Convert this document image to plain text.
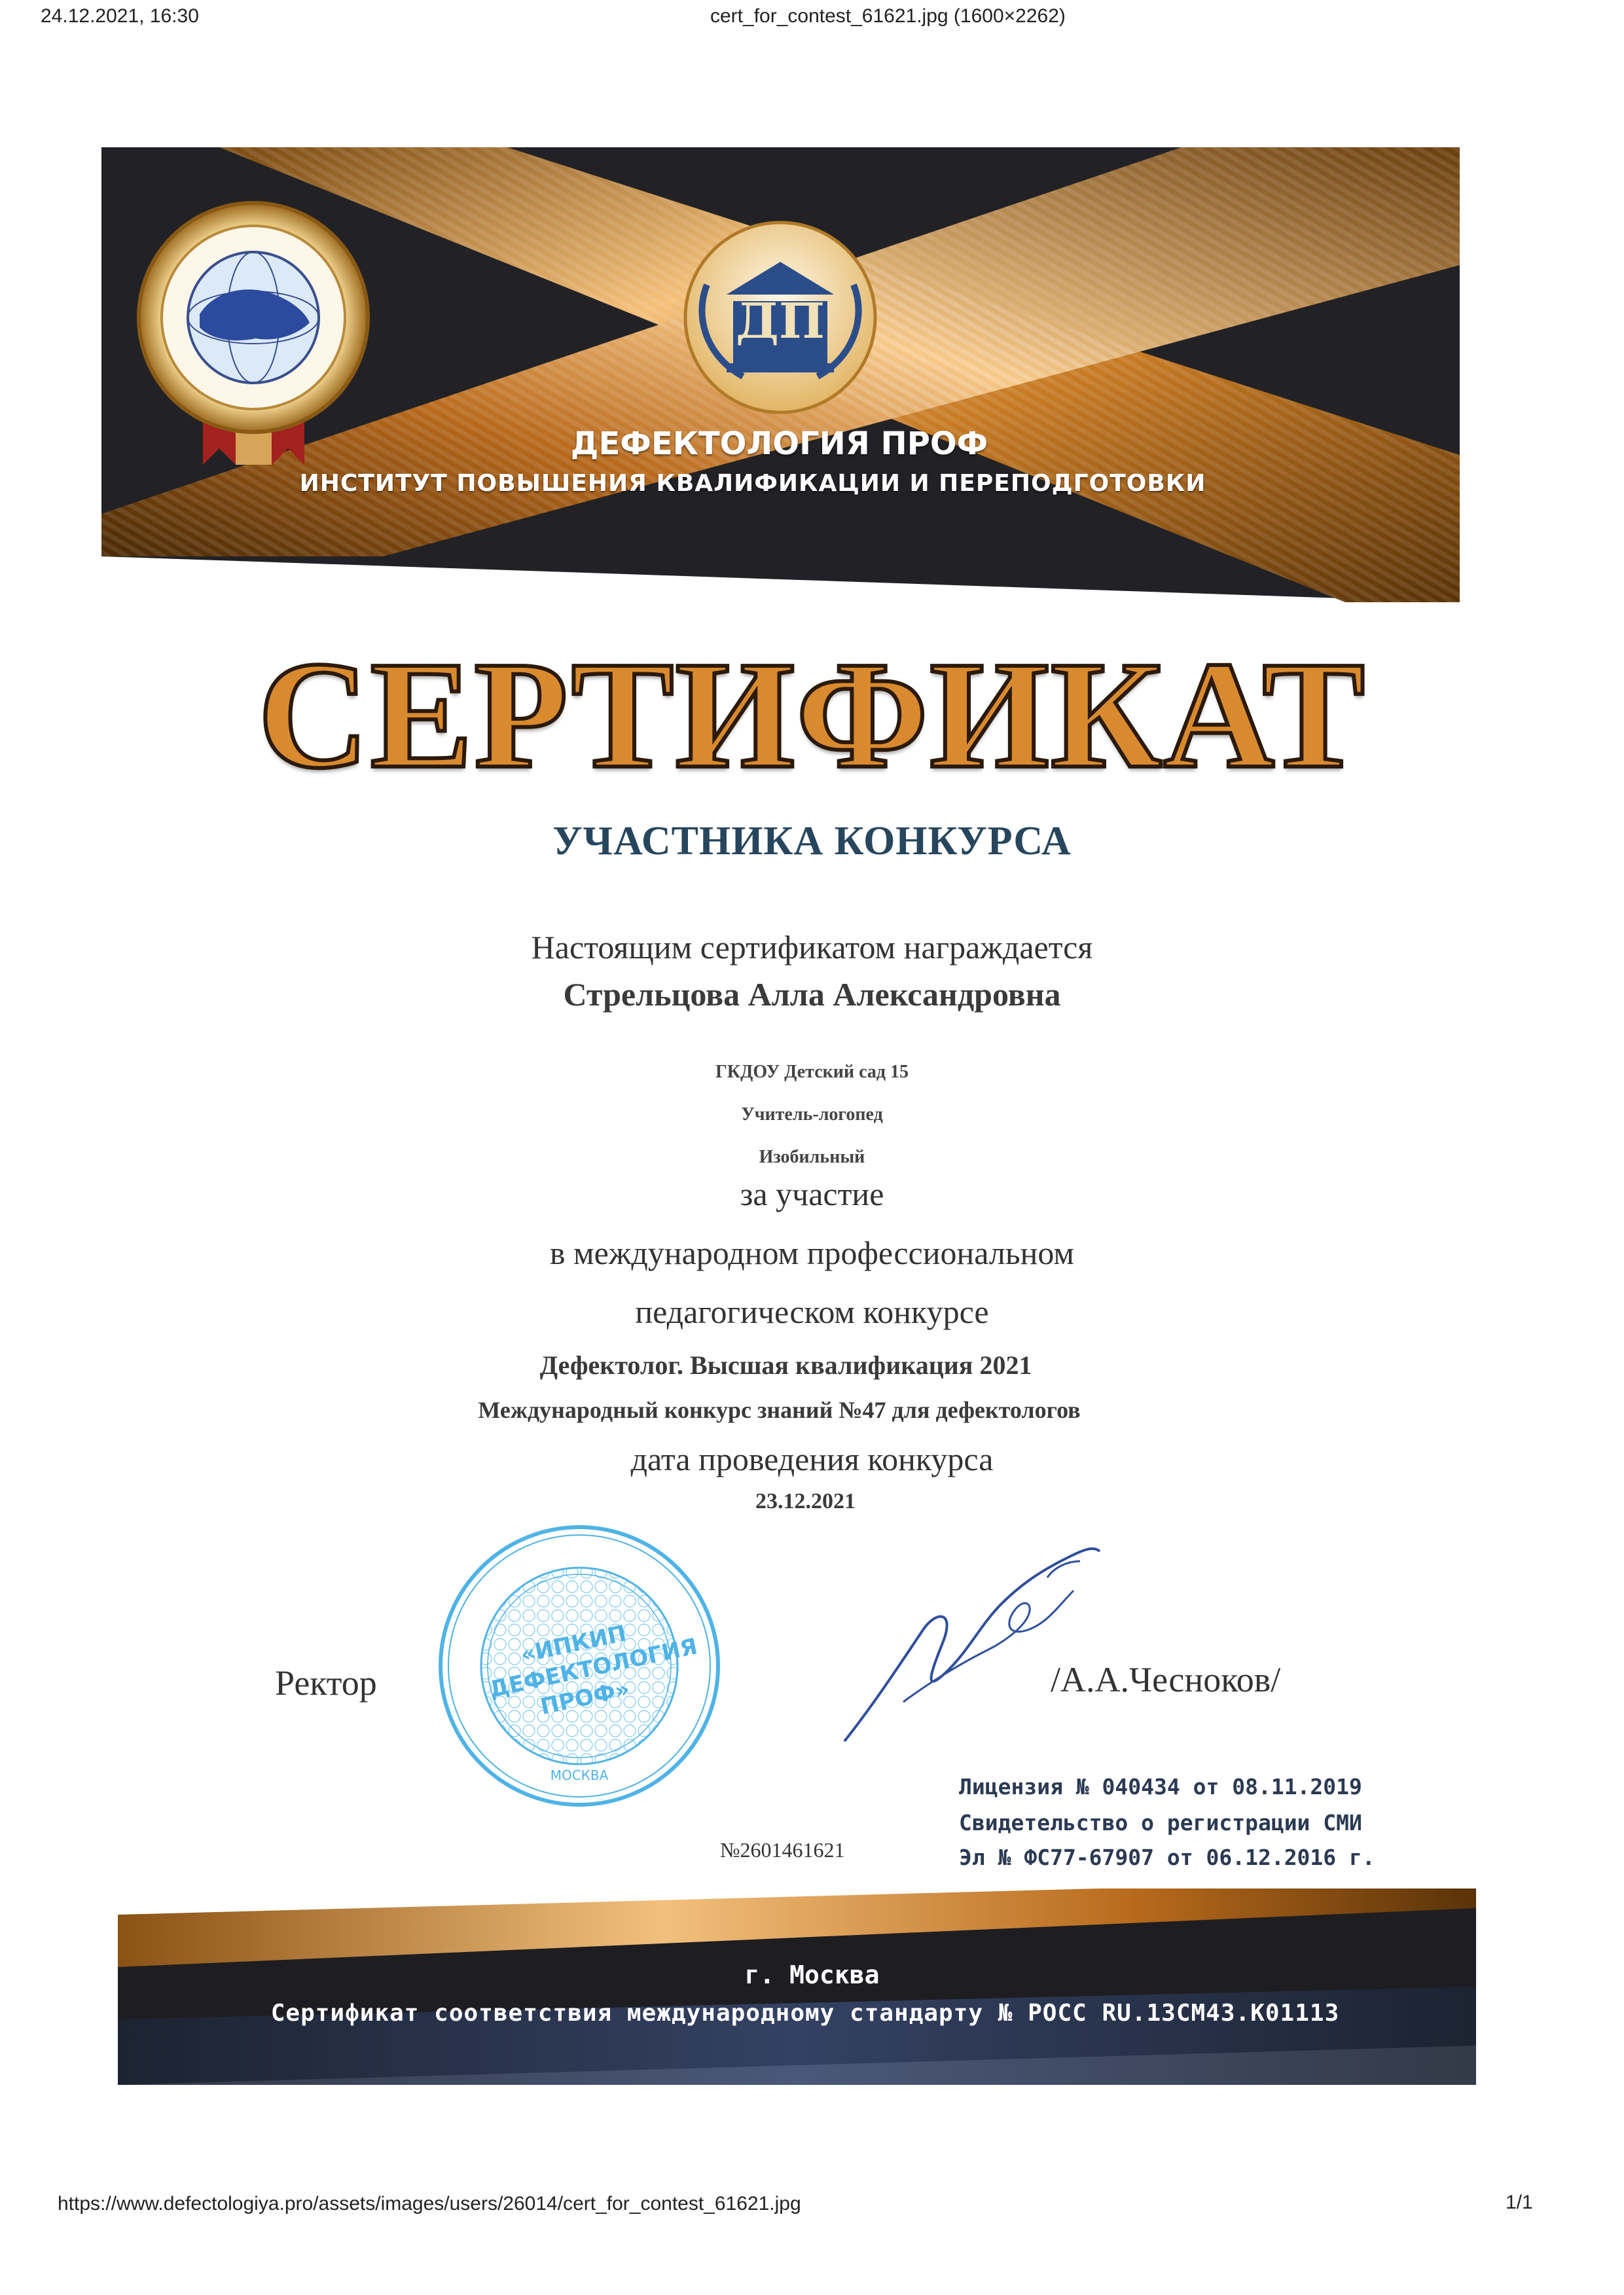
24.12.2021, 16:30	cert_for_contest_61621.jpg (1600×2262)
ДП
ДЕФЕКТОЛОГИЯ ПРОФ
ИНСТИТУТ ПОВЫШЕНИЯ КВАЛИФИКАЦИИ И ПЕРЕПОДГОТОВКИ
СЕРТИФИКАТ
УЧАСТНИКА КОНКУРСА
Настоящим сертификатом награждается
Стрельцова Алла Александровна
ГКДОУ Детский сад 15
Учитель-логопед
Изобильный
за участие
в международном профессиональном
педагогическом конкурсе
Дефектолог. Высшая квалификация 2021
Международный конкурс знаний №47 для дефектологов
дата проведения конкурса
23.12.2021
«ИПКИП ДЕФЕКТОЛОГИЯ ПРОФ»
МОСКВА
Ректор	/А.А.Чесноков/
Лицензия № 040434 от 08.11.2019
Свидетельство о регистрации СМИ
Эл № ФС77-67907 от 06.12.2016 г.
№2601461621
г. Москва
Сертификат соответствия международному стандарту № РОСС RU.13СМ43.К01113
https://www.defectologiya.pro/assets/images/users/26014/cert_for_contest_61621.jpg	1/1
